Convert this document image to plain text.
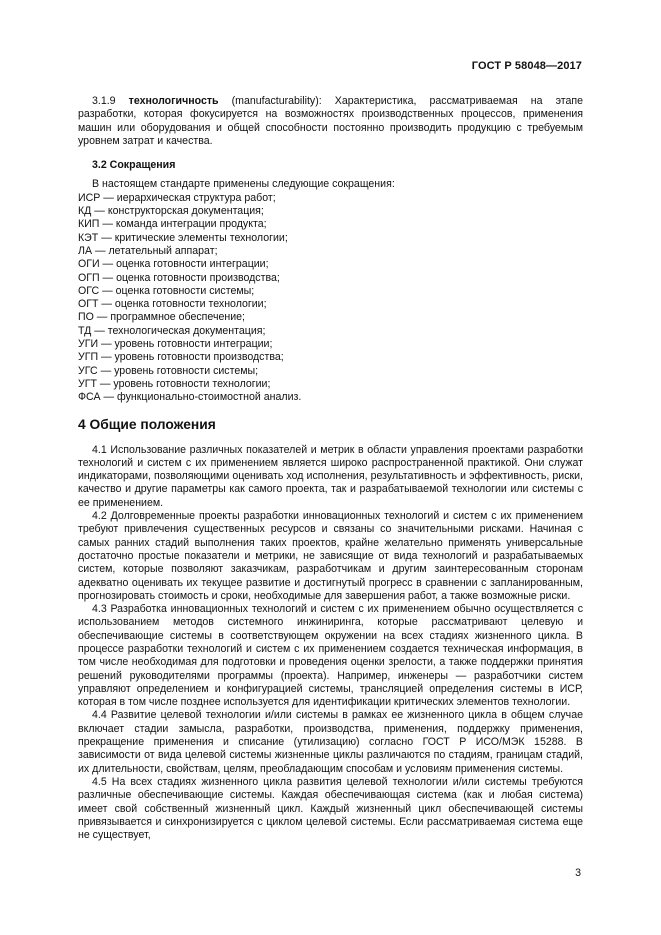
ГОСТ Р 58048—2017

3.1.9 технологичность (manufacturability): Характеристика, рассматриваемая на этапе разработки, которая фокусируется на возможностях производственных процессов, применения машин или оборудования и общей способности постоянно производить продукцию с требуемым уровнем затрат и качества.

3.2 Сокращения

В настоящем стандарте применены следующие сокращения:

ИСР — иерархическая структура работ;

КД — конструкторская документация;

КИП — команда интеграции продукта;

КЭТ — критические элементы технологии;

ЛА — летательный аппарат;

ОГИ — оценка готовности интеграции;

ОГП — оценка готовности производства;

ОГС — оценка готовности системы;

ОГТ — оценка готовности технологии;

ПО — программное обеспечение;

ТД — технологическая документация;

УГИ — уровень готовности интеграции;

УГП — уровень готовности производства;

УГС — уровень готовности системы;

УГТ — уровень готовности технологии;

ФСА — функционально-стоимостной анализ.

4 Общие положения

4.1 Использование различных показателей и метрик в области управления проектами разработки технологий и систем с их применением является широко распространенной практикой. Они служат индикаторами, позволяющими оценивать ход исполнения, результативность и эффективность, риски, качество и другие параметры как самого проекта, так и разрабатываемой технологии или системы с ее применением.

4.2 Долговременные проекты разработки инновационных технологий и систем с их применением требуют привлечения существенных ресурсов и связаны со значительными рисками. Начиная с самых ранних стадий выполнения таких проектов, крайне желательно применять универсальные достаточно простые показатели и метрики, не зависящие от вида технологий и разрабатываемых систем, которые позволяют заказчикам, разработчикам и другим заинтересованным сторонам адекватно оценивать их текущее развитие и достигнутый прогресс в сравнении с запланированным, прогнозировать стоимость и сроки, необходимые для завершения работ, а также возможные риски.

4.3 Разработка инновационных технологий и систем с их применением обычно осуществляется с использованием методов системного инжиниринга, которые рассматривают целевую и обеспечивающие системы в соответствующем окружении на всех стадиях жизненного цикла. В процессе разработки технологий и систем с их применением создается техническая информация, в том числе необходимая для подготовки и проведения оценки зрелости, а также поддержки принятия решений руководителями программы (проекта). Например, инженеры — разработчики систем управляют определением и конфигурацией системы, трансляцией определения системы в ИСР, которая в том числе позднее используется для идентификации критических элементов технологии.

4.4 Развитие целевой технологии и/или системы в рамках ее жизненного цикла в общем случае включает стадии замысла, разработки, производства, применения, поддержку применения, прекращение применения и списание (утилизацию) согласно ГОСТ Р ИСО/МЭК 15288. В зависимости от вида целевой системы жизненные циклы различаются по стадиям, границам стадий, их длительности, свойствам, целям, преобладающим способам и условиям применения системы.

4.5 На всех стадиях жизненного цикла развития целевой технологии и/или системы требуются различные обеспечивающие системы. Каждая обеспечивающая система (как и любая система) имеет свой собственный жизненный цикл. Каждый жизненный цикл обеспечивающей системы привязывается и синхронизируется с циклом целевой системы. Если рассматриваемая система еще не существует,

3
